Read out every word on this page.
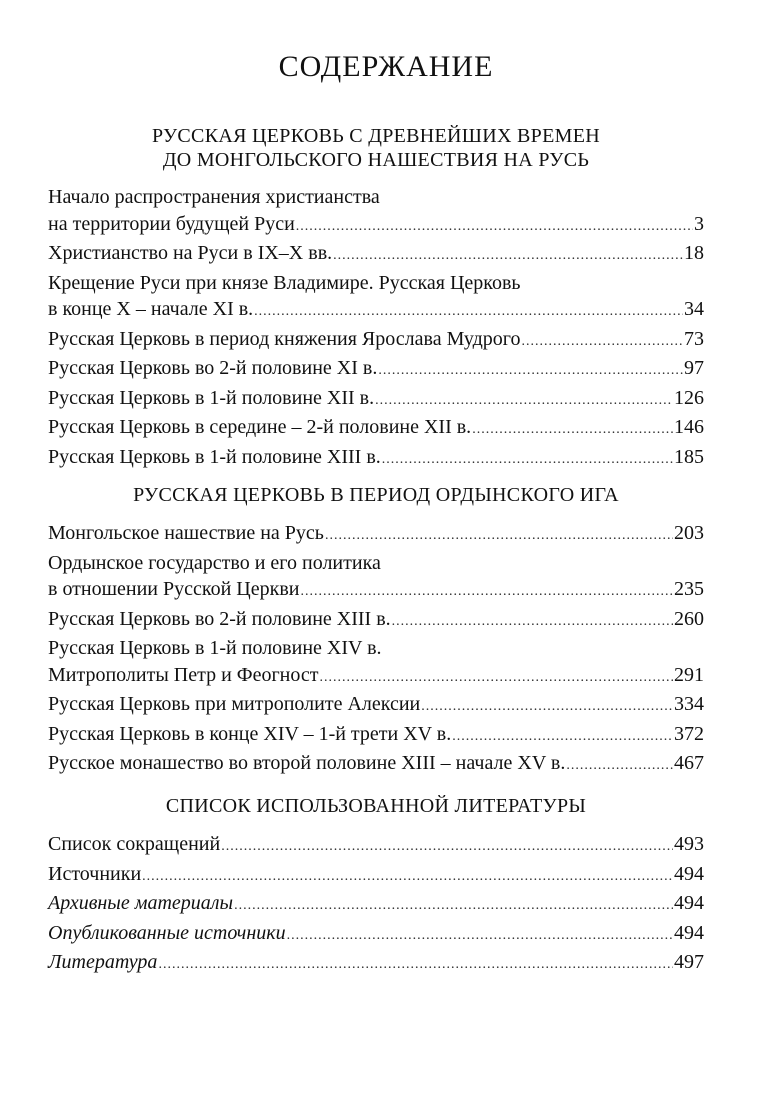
СОДЕРЖАНИЕ
РУССКАЯ ЦЕРКОВЬ С ДРЕВНЕЙШИХ ВРЕМЕН
ДО МОНГОЛЬСКОГО НАШЕСТВИЯ НА РУСЬ
Начало распространения христианства
на территории будущей Руси .....	3
Христианство на Руси в IX–X вв. .....	18
Крещение Руси при князе Владимире. Русская Церковь
в конце X – начале XI в. .....	34
Русская Церковь в период княжения Ярослава Мудрого .....	73
Русская Церковь во 2-й половине XI в. .....	97
Русская Церковь в 1-й половине XII в. .....	126
Русская Церковь в середине – 2-й половине XII в. .....	146
Русская Церковь в 1-й половине XIII в. .....	185
РУССКАЯ ЦЕРКОВЬ В ПЕРИОД ОРДЫНСКОГО ИГА
Монгольское нашествие на Русь .....	203
Ордынское государство и его политика
в отношении Русской Церкви .....	235
Русская Церковь во 2-й половине XIII в. .....	260
Русская Церковь в 1-й половине XIV в.
Митрополиты Петр и Феогност .....	291
Русская Церковь при митрополите Алексии .....	334
Русская Церковь в конце XIV – 1-й трети XV в. .....	372
Русское монашество во второй половине XIII – начале XV в. .....	467
СПИСОК ИСПОЛЬЗОВАННОЙ ЛИТЕРАТУРЫ
Список сокращений .....	493
Источники .....	494
Архивные материалы .....	494
Опубликованные источники .....	494
Литература .....	497
